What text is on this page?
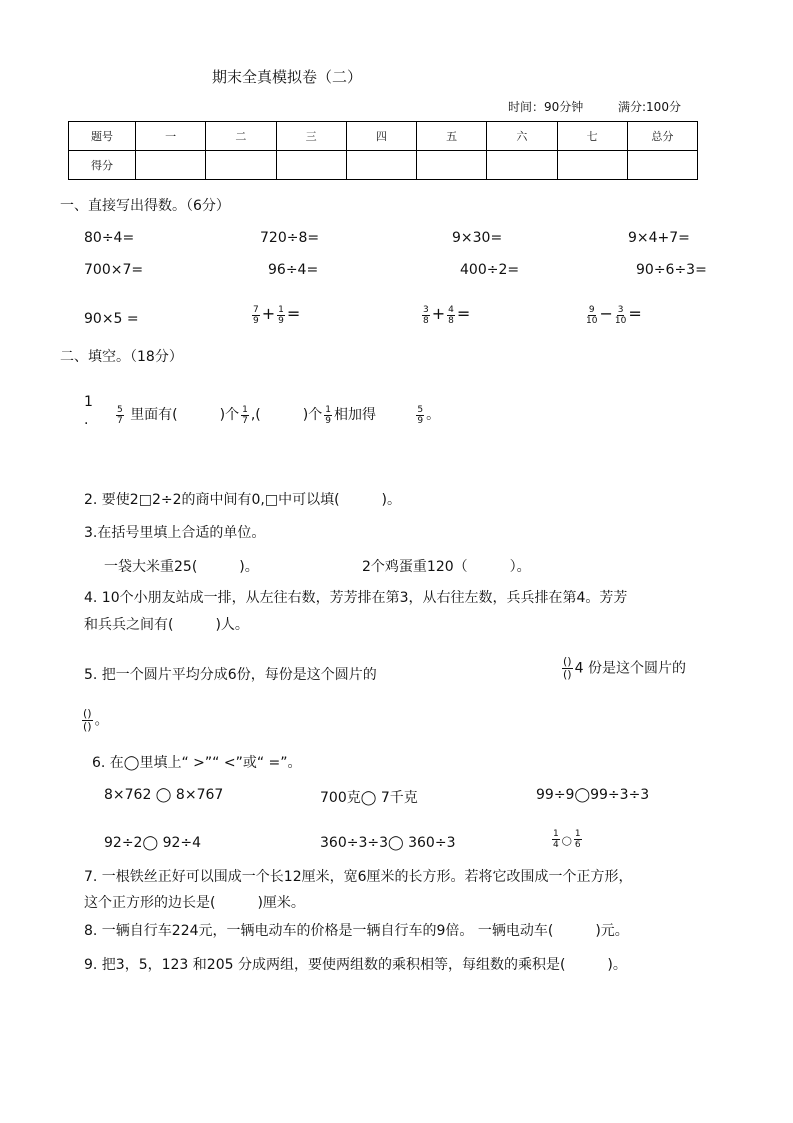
期末全真模拟卷（二）
时间：90分钟	满分:100分
题号	一	二	三	四	五	六	七	总分
得分								
一、直接写出得数。（6分）
80÷4=	720÷8=	9×30=	9×4+7=
700×7=	96÷4=	400÷2=	90÷6÷3=
90×5 =	$\frac{7}{9} + \frac{1}{9}$ =	$\frac{3}{8} + \frac{4}{8}$ =	$\frac{9}{10} - \frac{3}{10}$ =
二、填空。（18分）
1
.	$\frac{5}{7}$ 里面有(　　　)个 $\frac{1}{7}$ ,(　　　)个 $\frac{1}{9}$ 相加得	$\frac{5}{9}$ 。
2. 要使2□2÷2的商中间有0,□中可以填(　　　)。
3.在括号里填上合适的单位。
一袋大米重25(　　　)。	2个鸡蛋重120（　　　）。
4. 10个小朋友站成一排，从左往右数，芳芳排在第3，从右往左数，兵兵排在第4。芳芳
和兵兵之间有(　　　)人。
5. 把一个圆片平均分成6份，每份是这个圆片的	$\frac{()}{()} 4$ 份是这个圆片的
$\frac{()}{()}$ 。
6. 在◯里填上“ >”“ <”或“ =”。
8×762 ◯ 8×767	700克◯ 7千克	99÷9◯99÷3÷3
92÷2◯ 92÷4	360÷3÷3◯ 360÷3	$\frac{1}{4}$ ◯ $\frac{1}{6}$
7. 一根铁丝正好可以围成一个长12厘米，宽6厘米的长方形。若将它改围成一个正方形，
这个正方形的边长是(　　　)厘米。
8. 一辆自行车224元，一辆电动车的价格是一辆自行车的9倍。 一辆电动车(　　　)元。
9. 把3，5，123 和205 分成两组，要使两组数的乘积相等，每组数的乘积是(　　　)。
